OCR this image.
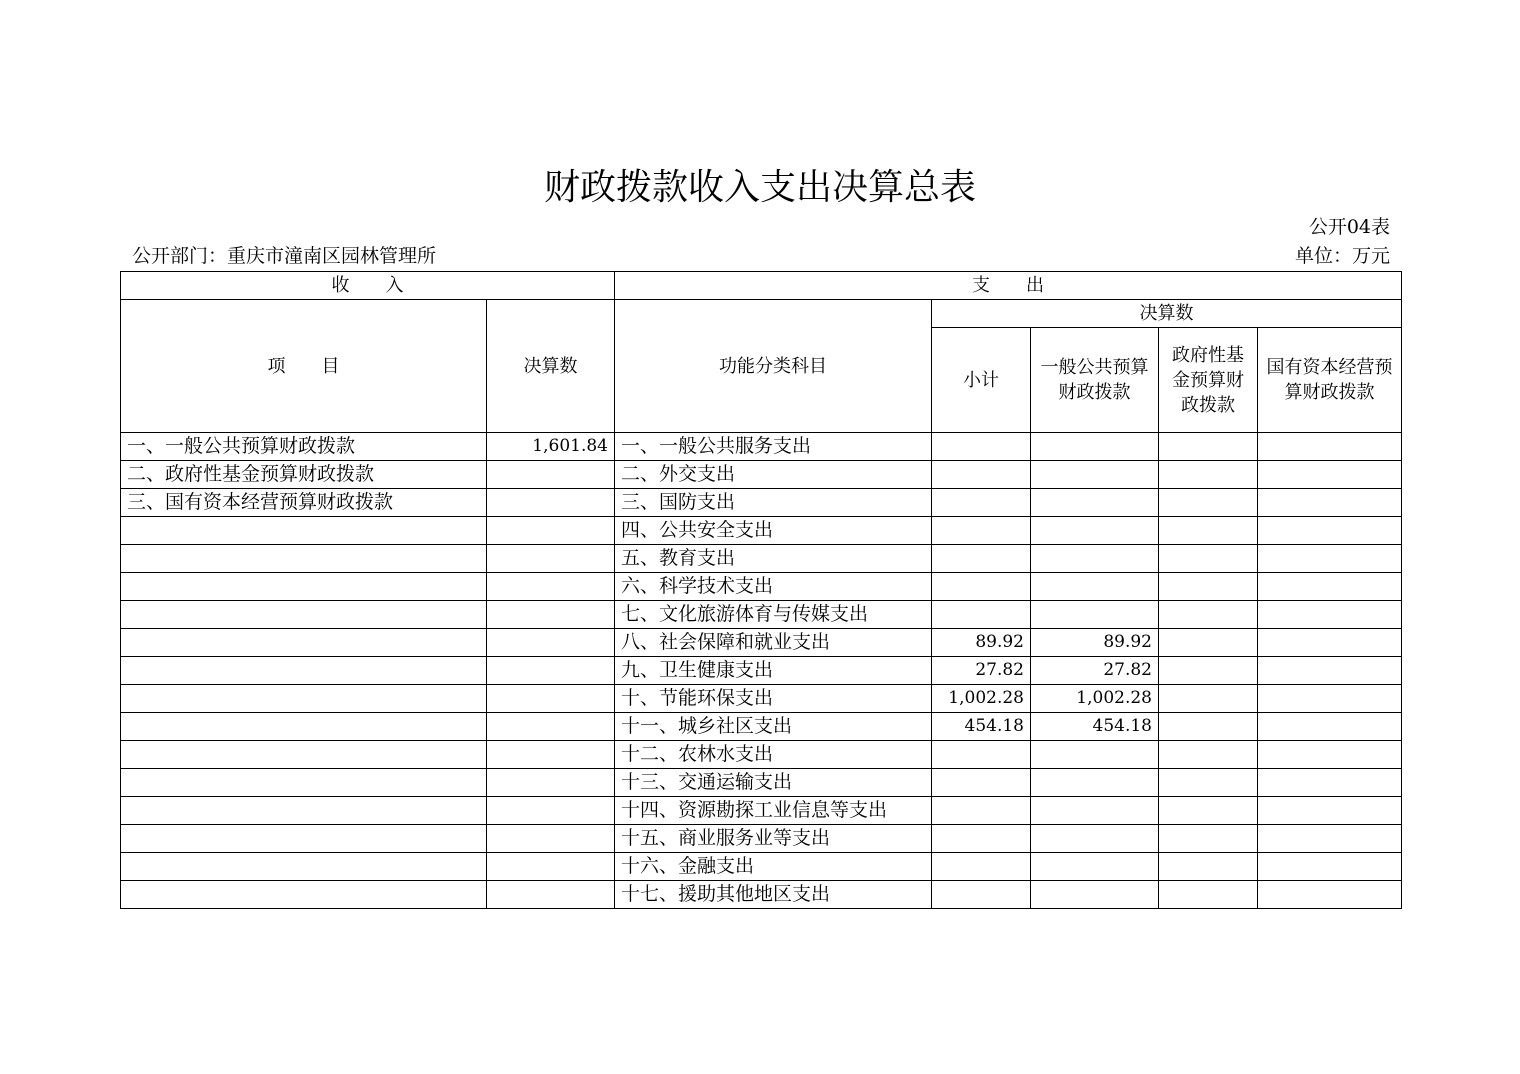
财政拨款收入支出决算总表
公开04表
公开部门：重庆市潼南区园林管理所	单位：万元
收　　入		支　　出				
项　　目	决算数	功能分类科目	决算数			
			小计	一般公共预算财政拨款	政府性基金预算财政拨款	国有资本经营预算财政拨款
一、一般公共预算财政拨款	1,601.84	一、一般公共服务支出				
二、政府性基金预算财政拨款		二、外交支出				
三、国有资本经营预算财政拨款		三、国防支出				
		四、公共安全支出				
		五、教育支出				
		六、科学技术支出				
		七、文化旅游体育与传媒支出				
		八、社会保障和就业支出	89.92	89.92		
		九、卫生健康支出	27.82	27.82		
		十、节能环保支出	1,002.28	1,002.28		
		十一、城乡社区支出	454.18	454.18		
		十二、农林水支出				
		十三、交通运输支出				
		十四、资源勘探工业信息等支出				
		十五、商业服务业等支出				
		十六、金融支出				
		十七、援助其他地区支出				
